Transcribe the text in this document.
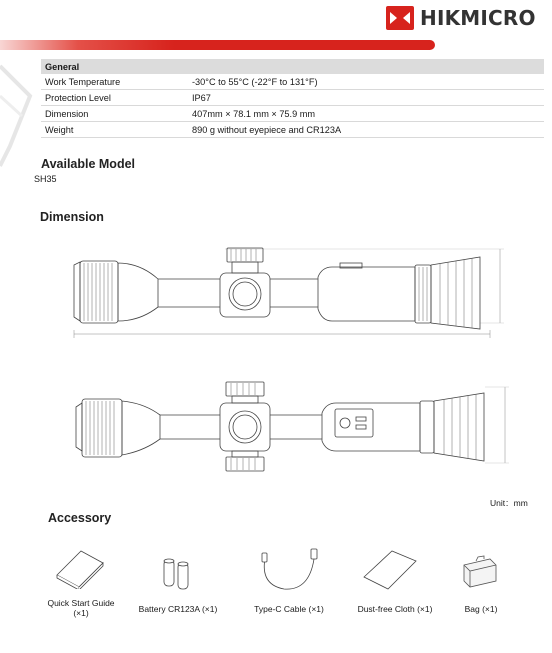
HIKMICRO
General	
Work Temperature	-30°C to 55°C (-22°F to 131°F)
Protection Level	IP67
Dimension	407mm × 78.1 mm × 75.9 mm
Weight	890 g without eyepiece and CR123A
Available Model
SH35
Dimension
Unit：mm
Accessory
Quick Start Guide
(×1)	Battery CR123A (×1)	Type-C Cable (×1)	Dust-free Cloth (×1)	Bag (×1)
